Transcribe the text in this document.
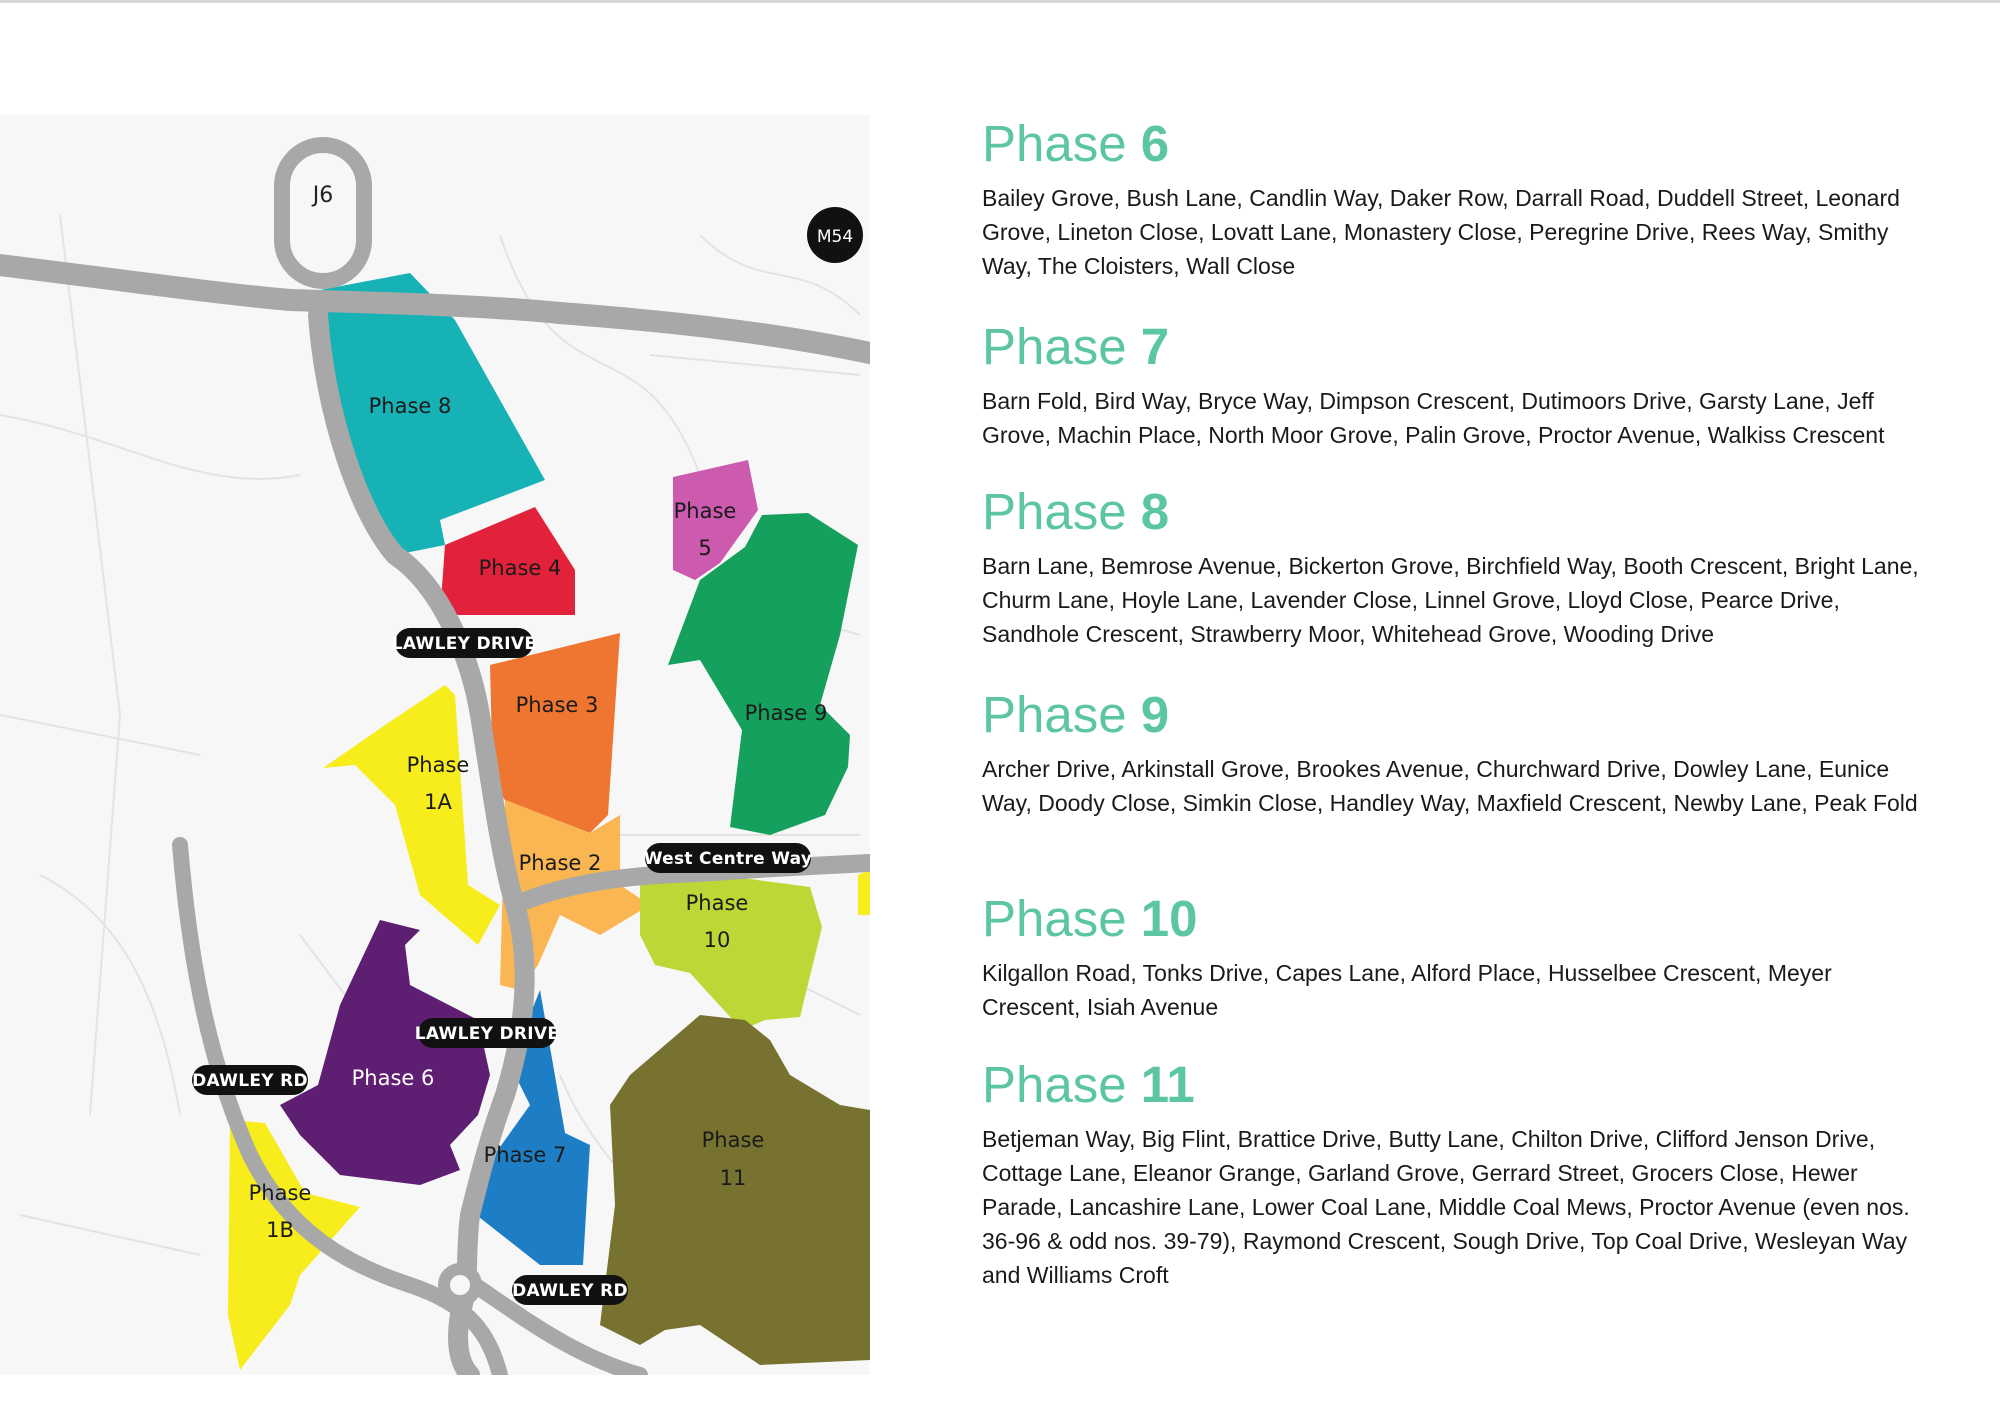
J6
M54
LAWLEY DRIVE
West Centre Way
LAWLEY DRIVE
DAWLEY RD
DAWLEY RD
Phase 8
Phase 4
Phase
5
Phase 3	Phase 9
Phase
1A
Phase 2
Phase
10
Phase 6
Phase 7
Phase
11
Phase
1B
Phase 6

Bailey Grove, Bush Lane, Candlin Way, Daker Row, Darrall Road, Duddell Street, Leonard Grove, Lineton Close, Lovatt Lane, Monastery Close, Peregrine Drive, Rees Way, Smithy Way, The Cloisters, Wall Close

Phase 7

Barn Fold, Bird Way, Bryce Way, Dimpson Crescent, Dutimoors Drive, Garsty Lane, Jeff Grove, Machin Place, North Moor Grove, Palin Grove, Proctor Avenue, Walkiss Crescent

Phase 8

Barn Lane, Bemrose Avenue, Bickerton Grove, Birchfield Way, Booth Crescent, Bright Lane, Churm Lane, Hoyle Lane, Lavender Close, Linnel Grove, Lloyd Close, Pearce Drive, Sandhole Crescent, Strawberry Moor, Whitehead Grove, Wooding Drive

Phase 9

Archer Drive, Arkinstall Grove, Brookes Avenue, Churchward Drive, Dowley Lane, Eunice Way, Doody Close, Simkin Close, Handley Way, Maxfield Crescent, Newby Lane, Peak Fold

Phase 10

Kilgallon Road, Tonks Drive, Capes Lane, Alford Place, Husselbee Crescent, Meyer Crescent, Isiah Avenue

Phase 11

Betjeman Way, Big Flint, Brattice Drive, Butty Lane, Chilton Drive, Clifford Jenson Drive, Cottage Lane, Eleanor Grange, Garland Grove, Gerrard Street, Grocers Close, Hewer Parade, Lancashire Lane, Lower Coal Lane, Middle Coal Mews, Proctor Avenue (even nos. 36-96 & odd nos. 39-79), Raymond Crescent, Sough Drive, Top Coal Drive, Wesleyan Way and Williams Croft
